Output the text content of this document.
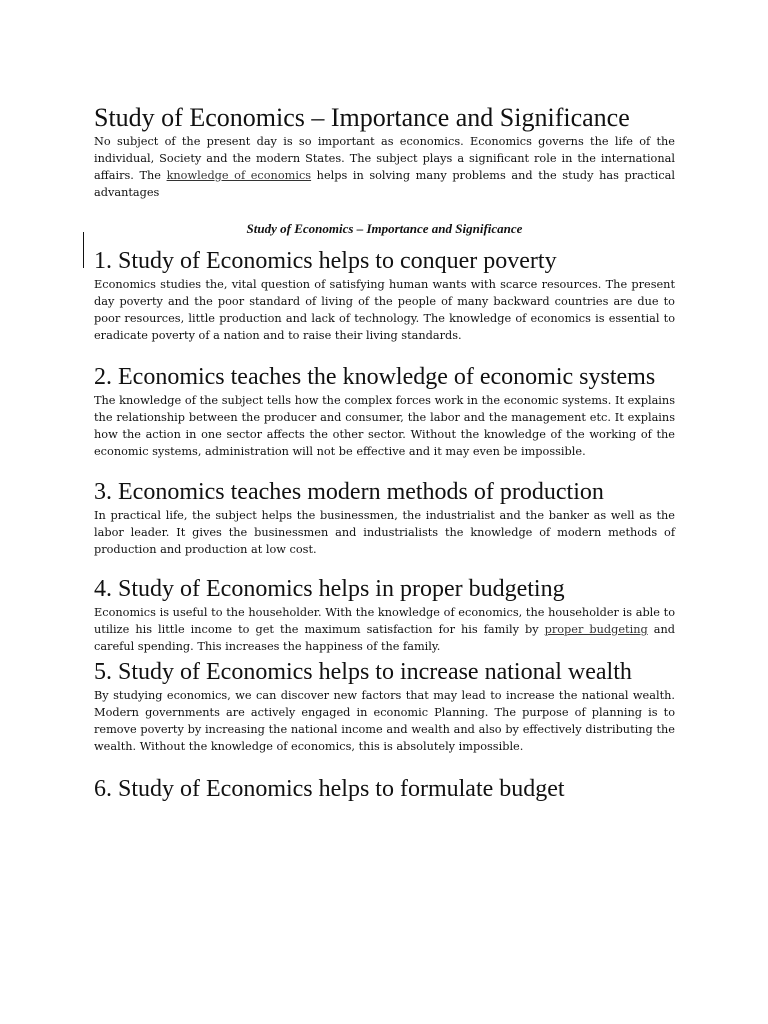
Study of Economics – Importance and Significance

No subject of the present day is so important as economics. Economics governs the life of the individual, Society and the modern States. The subject plays a significant role in the international affairs. The knowledge of economics helps in solving many problems and the study has practical advantages

Study of Economics – Importance and Significance

1. Study of Economics helps to conquer poverty

Economics studies the, vital question of satisfying human wants with scarce resources. The present day poverty and the poor standard of living of the people of many backward countries are due to poor resources, little production and lack of technology. The knowledge of economics is essential to eradicate poverty of a nation and to raise their living standards.

2. Economics teaches the knowledge of economic systems

The knowledge of the subject tells how the complex forces work in the economic systems. It explains the relationship between the producer and consumer, the labor and the management etc. It explains how the action in one sector affects the other sector. Without the knowledge of the working of the economic systems, administration will not be effective and it may even be impossible.

3. Economics teaches modern methods of production

In practical life, the subject helps the businessmen, the industrialist and the banker as well as the labor leader. It gives the businessmen and industrialists the knowledge of modern methods of production and production at low cost.

4. Study of Economics helps in proper budgeting

Economics is useful to the householder. With the knowledge of economics, the householder is able to utilize his little income to get the maximum satisfaction for his family by proper budgeting and careful spending. This increases the happiness of the family.

5. Study of Economics helps to increase national wealth

By studying economics, we can discover new factors that may lead to increase the national wealth. Modern governments are actively engaged in economic Planning. The purpose of planning is to remove poverty by increasing the national income and wealth and also by effectively distributing the wealth. Without the knowledge of economics, this is absolutely impossible.

6. Study of Economics helps to formulate budget
